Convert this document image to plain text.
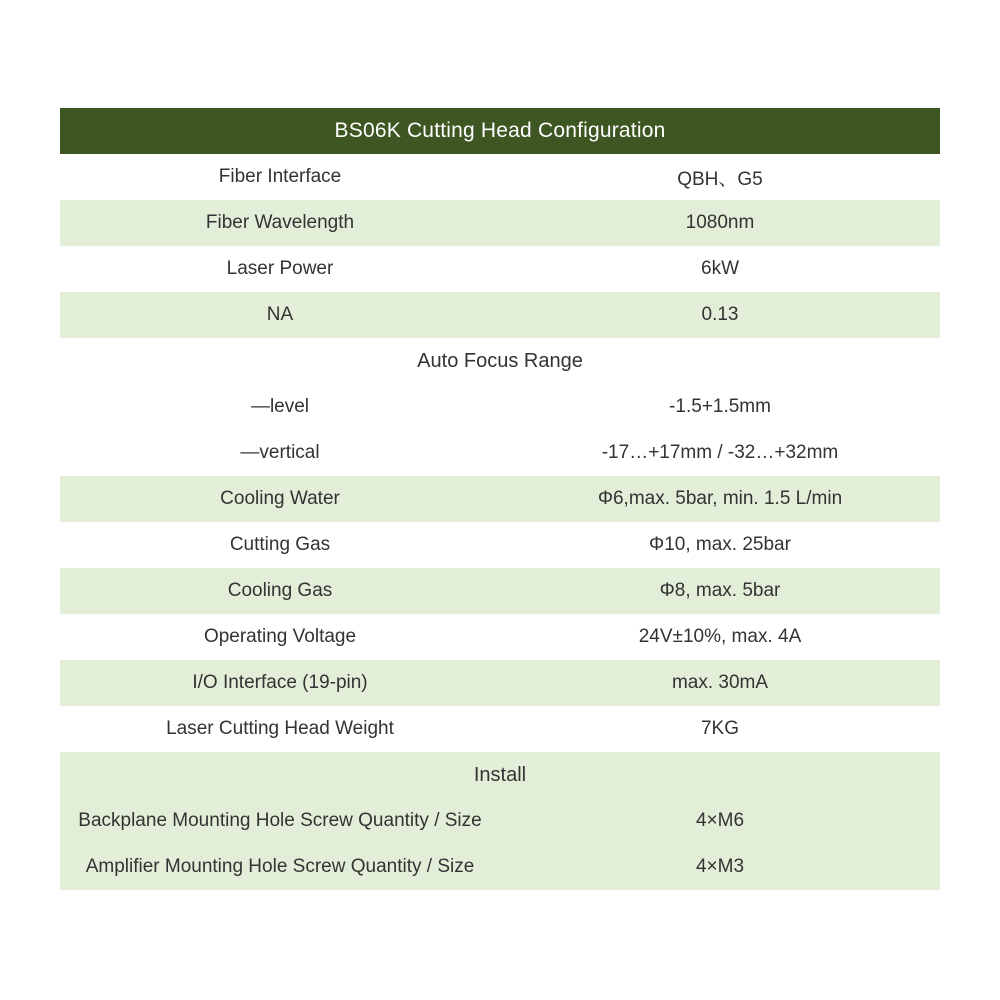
BS06K Cutting Head Configuration	
Fiber Interface	QBH、G5
Fiber Wavelength	1080nm
Laser Power	6kW
NA	0.13
Auto Focus Range	
—level	-1.5+1.5mm
—vertical	-17…+17mm / -32…+32mm
Cooling Water	Φ6,max. 5bar, min. 1.5 L/min
Cutting Gas	Φ10, max. 25bar
Cooling Gas	Φ8, max. 5bar
Operating Voltage	24V±10%, max. 4A
I/O Interface (19-pin)	max. 30mA
Laser Cutting Head Weight	7KG
Install	
Backplane Mounting Hole Screw Quantity / Size	4×M6
Amplifier Mounting Hole Screw Quantity / Size	4×M3
